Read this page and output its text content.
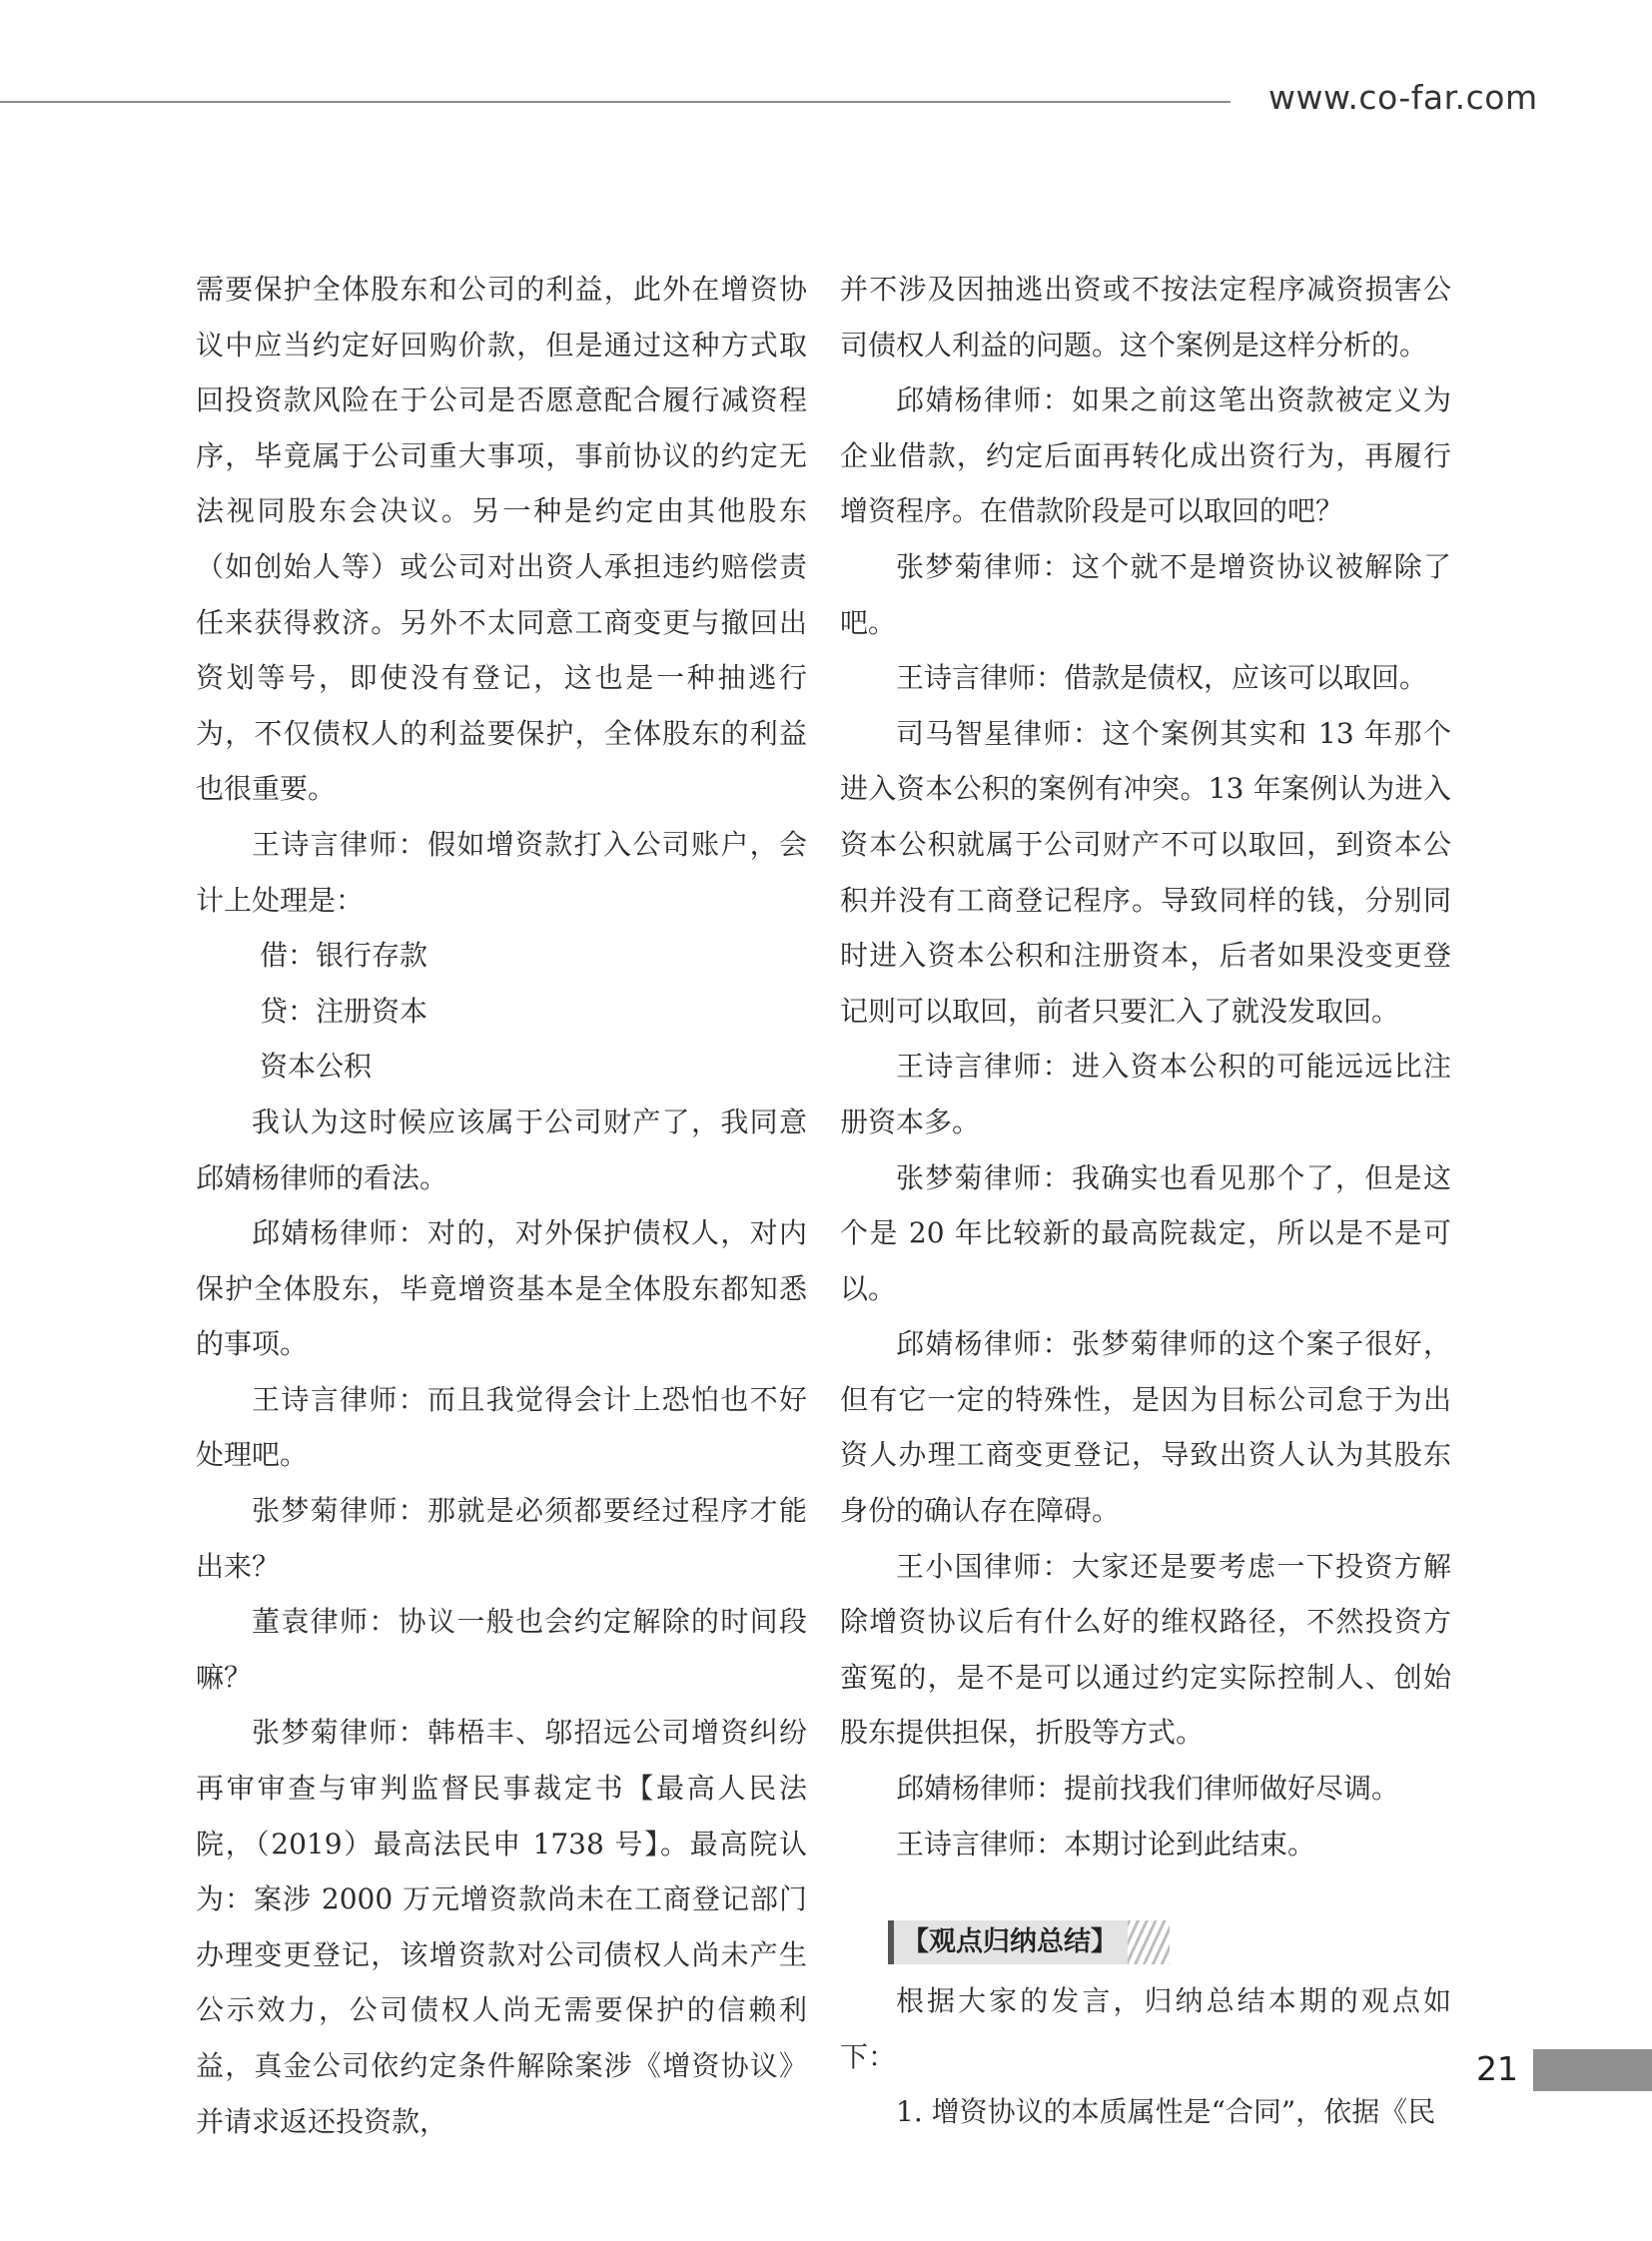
www.co-far.com

需要保护全体股东和公司的利益，此外在增资协议中应当约定好回购价款，但是通过这种方式取回投资款风险在于公司是否愿意配合履行减资程序，毕竟属于公司重大事项，事前协议的约定无法视同股东会决议。另一种是约定由其他股东（如创始人等）或公司对出资人承担违约赔偿责任来获得救济。另外不太同意工商变更与撤回出资划等号，即使没有登记，这也是一种抽逃行为，不仅债权人的利益要保护，全体股东的利益也很重要。

王诗言律师：假如增资款打入公司账户，会计上处理是：

借：银行存款

贷：注册资本

资本公积

我认为这时候应该属于公司财产了，我同意邱婧杨律师的看法。

邱婧杨律师：对的，对外保护债权人，对内保护全体股东，毕竟增资基本是全体股东都知悉的事项。

王诗言律师：而且我觉得会计上恐怕也不好处理吧。

张梦菊律师：那就是必须都要经过程序才能出来？

董袁律师：协议一般也会约定解除的时间段嘛？

张梦菊律师：韩梧丰、邬招远公司增资纠纷再审审查与审判监督民事裁定书【最高人民法院，（2019）最高法民申 1738 号】。最高院认为：案涉 2000 万元增资款尚未在工商登记部门办理变更登记，该增资款对公司债权人尚未产生公示效力，公司债权人尚无需要保护的信赖利益，真金公司依约定条件解除案涉《增资协议》并请求返还投资款，

并不涉及因抽逃出资或不按法定程序减资损害公司债权人利益的问题。这个案例是这样分析的。

邱婧杨律师：如果之前这笔出资款被定义为企业借款，约定后面再转化成出资行为，再履行增资程序。在借款阶段是可以取回的吧？

张梦菊律师：这个就不是增资协议被解除了吧。

王诗言律师：借款是债权，应该可以取回。

司马智星律师：这个案例其实和 13 年那个进入资本公积的案例有冲突。13 年案例认为进入资本公积就属于公司财产不可以取回，到资本公积并没有工商登记程序。导致同样的钱，分别同时进入资本公积和注册资本，后者如果没变更登记则可以取回，前者只要汇入了就没发取回。

王诗言律师：进入资本公积的可能远远比注册资本多。

张梦菊律师：我确实也看见那个了，但是这个是 20 年比较新的最高院裁定，所以是不是可以。

邱婧杨律师：张梦菊律师的这个案子很好，但有它一定的特殊性，是因为目标公司怠于为出资人办理工商变更登记，导致出资人认为其股东身份的确认存在障碍。

王小国律师：大家还是要考虑一下投资方解除增资协议后有什么好的维权路径，不然投资方蛮冤的，是不是可以通过约定实际控制人、创始股东提供担保，折股等方式。

邱婧杨律师：提前找我们律师做好尽调。

王诗言律师：本期讨论到此结束。

【观点归纳总结】

根据大家的发言，归纳总结本期的观点如下：

1. 增资协议的本质属性是“合同”，依据《民

21
